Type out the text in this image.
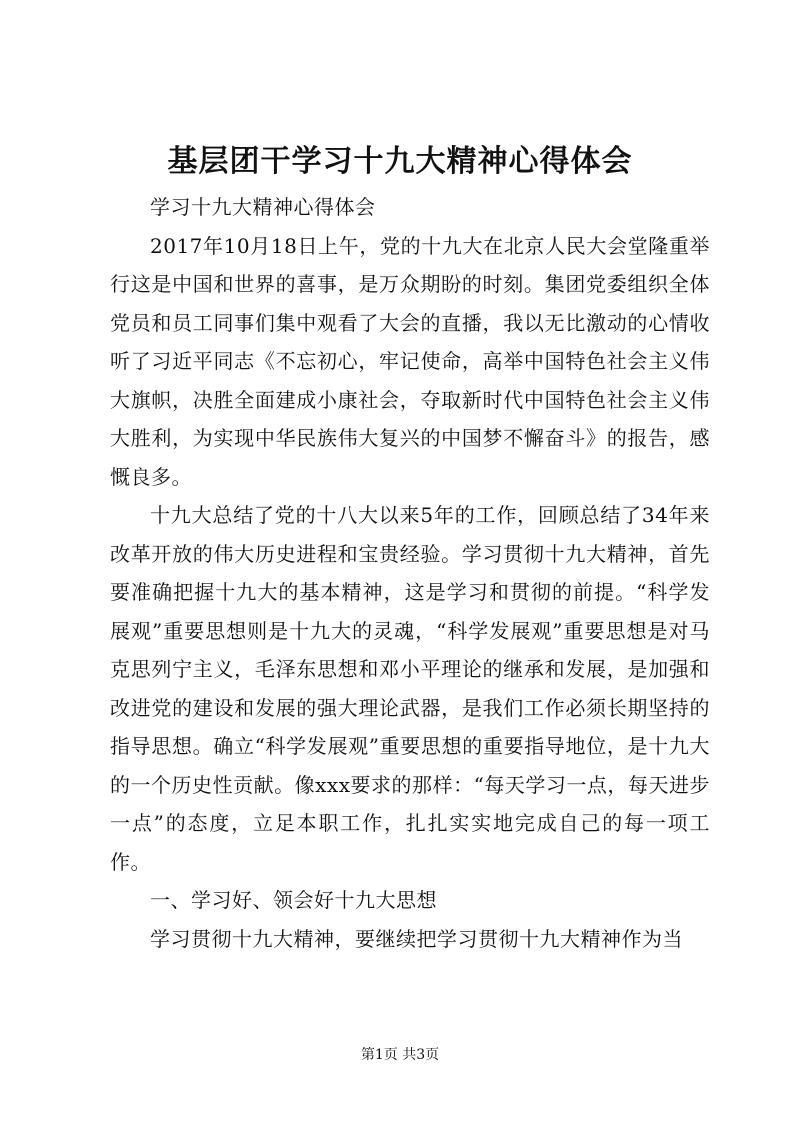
基层团干学习十九大精神心得体会

学习十九大精神心得体会

2017年10月18日上午，党的十九大在北京人民大会堂隆重举行这是中国和世界的喜事，是万众期盼的时刻。集团党委组织全体党员和员工同事们集中观看了大会的直播，我以无比激动的心情收听了习近平同志《不忘初心，牢记使命，高举中国特色社会主义伟大旗帜，决胜全面建成小康社会，夺取新时代中国特色社会主义伟大胜利，为实现中华民族伟大复兴的中国梦不懈奋斗》的报告，感慨良多。

十九大总结了党的十八大以来5年的工作，回顾总结了34年来改革开放的伟大历史进程和宝贵经验。学习贯彻十九大精神，首先要准确把握十九大的基本精神，这是学习和贯彻的前提。“科学发展观”重要思想则是十九大的灵魂，“科学发展观”重要思想是对马克思列宁主义，毛泽东思想和邓小平理论的继承和发展，是加强和改进党的建设和发展的强大理论武器，是我们工作必须长期坚持的指导思想。确立“科学发展观”重要思想的重要指导地位，是十九大的一个历史性贡献。像xxx要求的那样：“每天学习一点，每天进步一点”的态度，立足本职工作，扎扎实实地完成自己的每一项工作。

一、学习好、领会好十九大思想

学习贯彻十九大精神，要继续把学习贯彻十九大精神作为当

第1页 共3页
